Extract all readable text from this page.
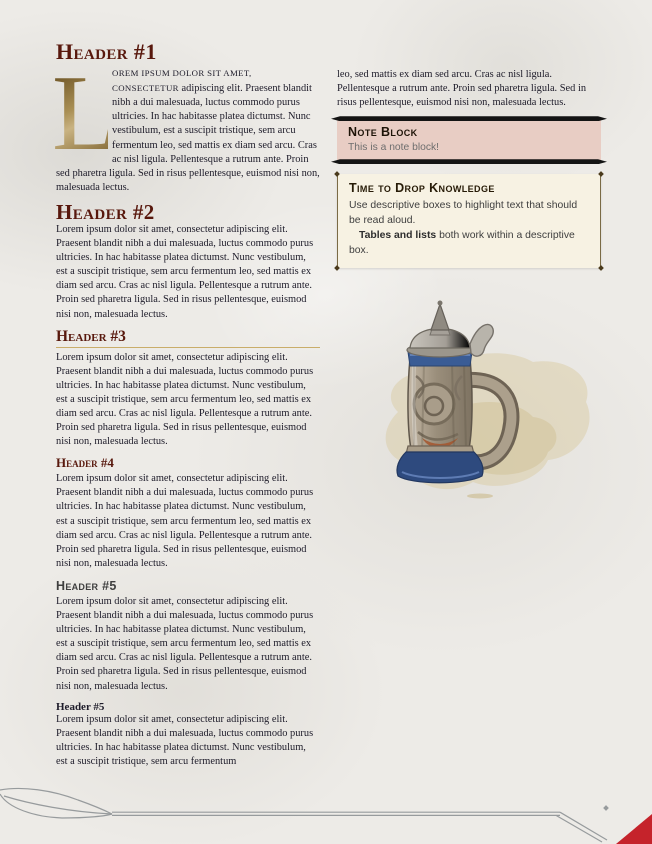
Header #1
L

OREM IPSUM DOLOR SIT AMET, CONSECTETUR adipiscing elit. Praesent blandit nibh a dui malesuada, luctus commodo purus ultricies. In hac habitasse platea dictumst. Nunc vestibulum, est a suscipit tristique, sem arcu fermentum leo, sed mattis ex diam sed arcu. Cras ac nisl ligula. Pellentesque a rutrum ante. Proin sed pharetra ligula. Sed in risus pellentesque, euismod nisi non, malesuada lectus.

Header #2

Lorem ipsum dolor sit amet, consectetur adipiscing elit. Praesent blandit nibh a dui malesuada, luctus commodo purus ultricies. In hac habitasse platea dictumst. Nunc vestibulum, est a suscipit tristique, sem arcu fermentum leo, sed mattis ex diam sed arcu. Cras ac nisl ligula. Pellentesque a rutrum ante. Proin sed pharetra ligula. Sed in risus pellentesque, euismod nisi non, malesuada lectus.

Header #3

Lorem ipsum dolor sit amet, consectetur adipiscing elit. Praesent blandit nibh a dui malesuada, luctus commodo purus ultricies. In hac habitasse platea dictumst. Nunc vestibulum, est a suscipit tristique, sem arcu fermentum leo, sed mattis ex diam sed arcu. Cras ac nisl ligula. Pellentesque a rutrum ante. Proin sed pharetra ligula. Sed in risus pellentesque, euismod nisi non, malesuada lectus.

Header #4

Lorem ipsum dolor sit amet, consectetur adipiscing elit. Praesent blandit nibh a dui malesuada, luctus commodo purus ultricies. In hac habitasse platea dictumst. Nunc vestibulum, est a suscipit tristique, sem arcu fermentum leo, sed mattis ex diam sed arcu. Cras ac nisl ligula. Pellentesque a rutrum ante. Proin sed pharetra ligula. Sed in risus pellentesque, euismod nisi non, malesuada lectus.

Header #5

Lorem ipsum dolor sit amet, consectetur adipiscing elit. Praesent blandit nibh a dui malesuada, luctus commodo purus ultricies. In hac habitasse platea dictumst. Nunc vestibulum, est a suscipit tristique, sem arcu fermentum leo, sed mattis ex diam sed arcu. Cras ac nisl ligula. Pellentesque a rutrum ante. Proin sed pharetra ligula. Sed in risus pellentesque, euismod nisi non, malesuada lectus.

Header #5

Lorem ipsum dolor sit amet, consectetur adipiscing elit. Praesent blandit nibh a dui malesuada, luctus commodo purus ultricies. In hac habitasse platea dictumst. Nunc vestibulum, est a suscipit tristique, sem arcu fermentum

leo, sed mattis ex diam sed arcu. Cras ac nisl ligula. Pellentesque a rutrum ante. Proin sed pharetra ligula. Sed in risus pellentesque, euismod nisi non, malesuada lectus.

Note Block
This is a note block!
Time to Drop Knowledge
Use descriptive boxes to highlight text that should be read aloud.
Tables and lists both work within a descriptive box.
